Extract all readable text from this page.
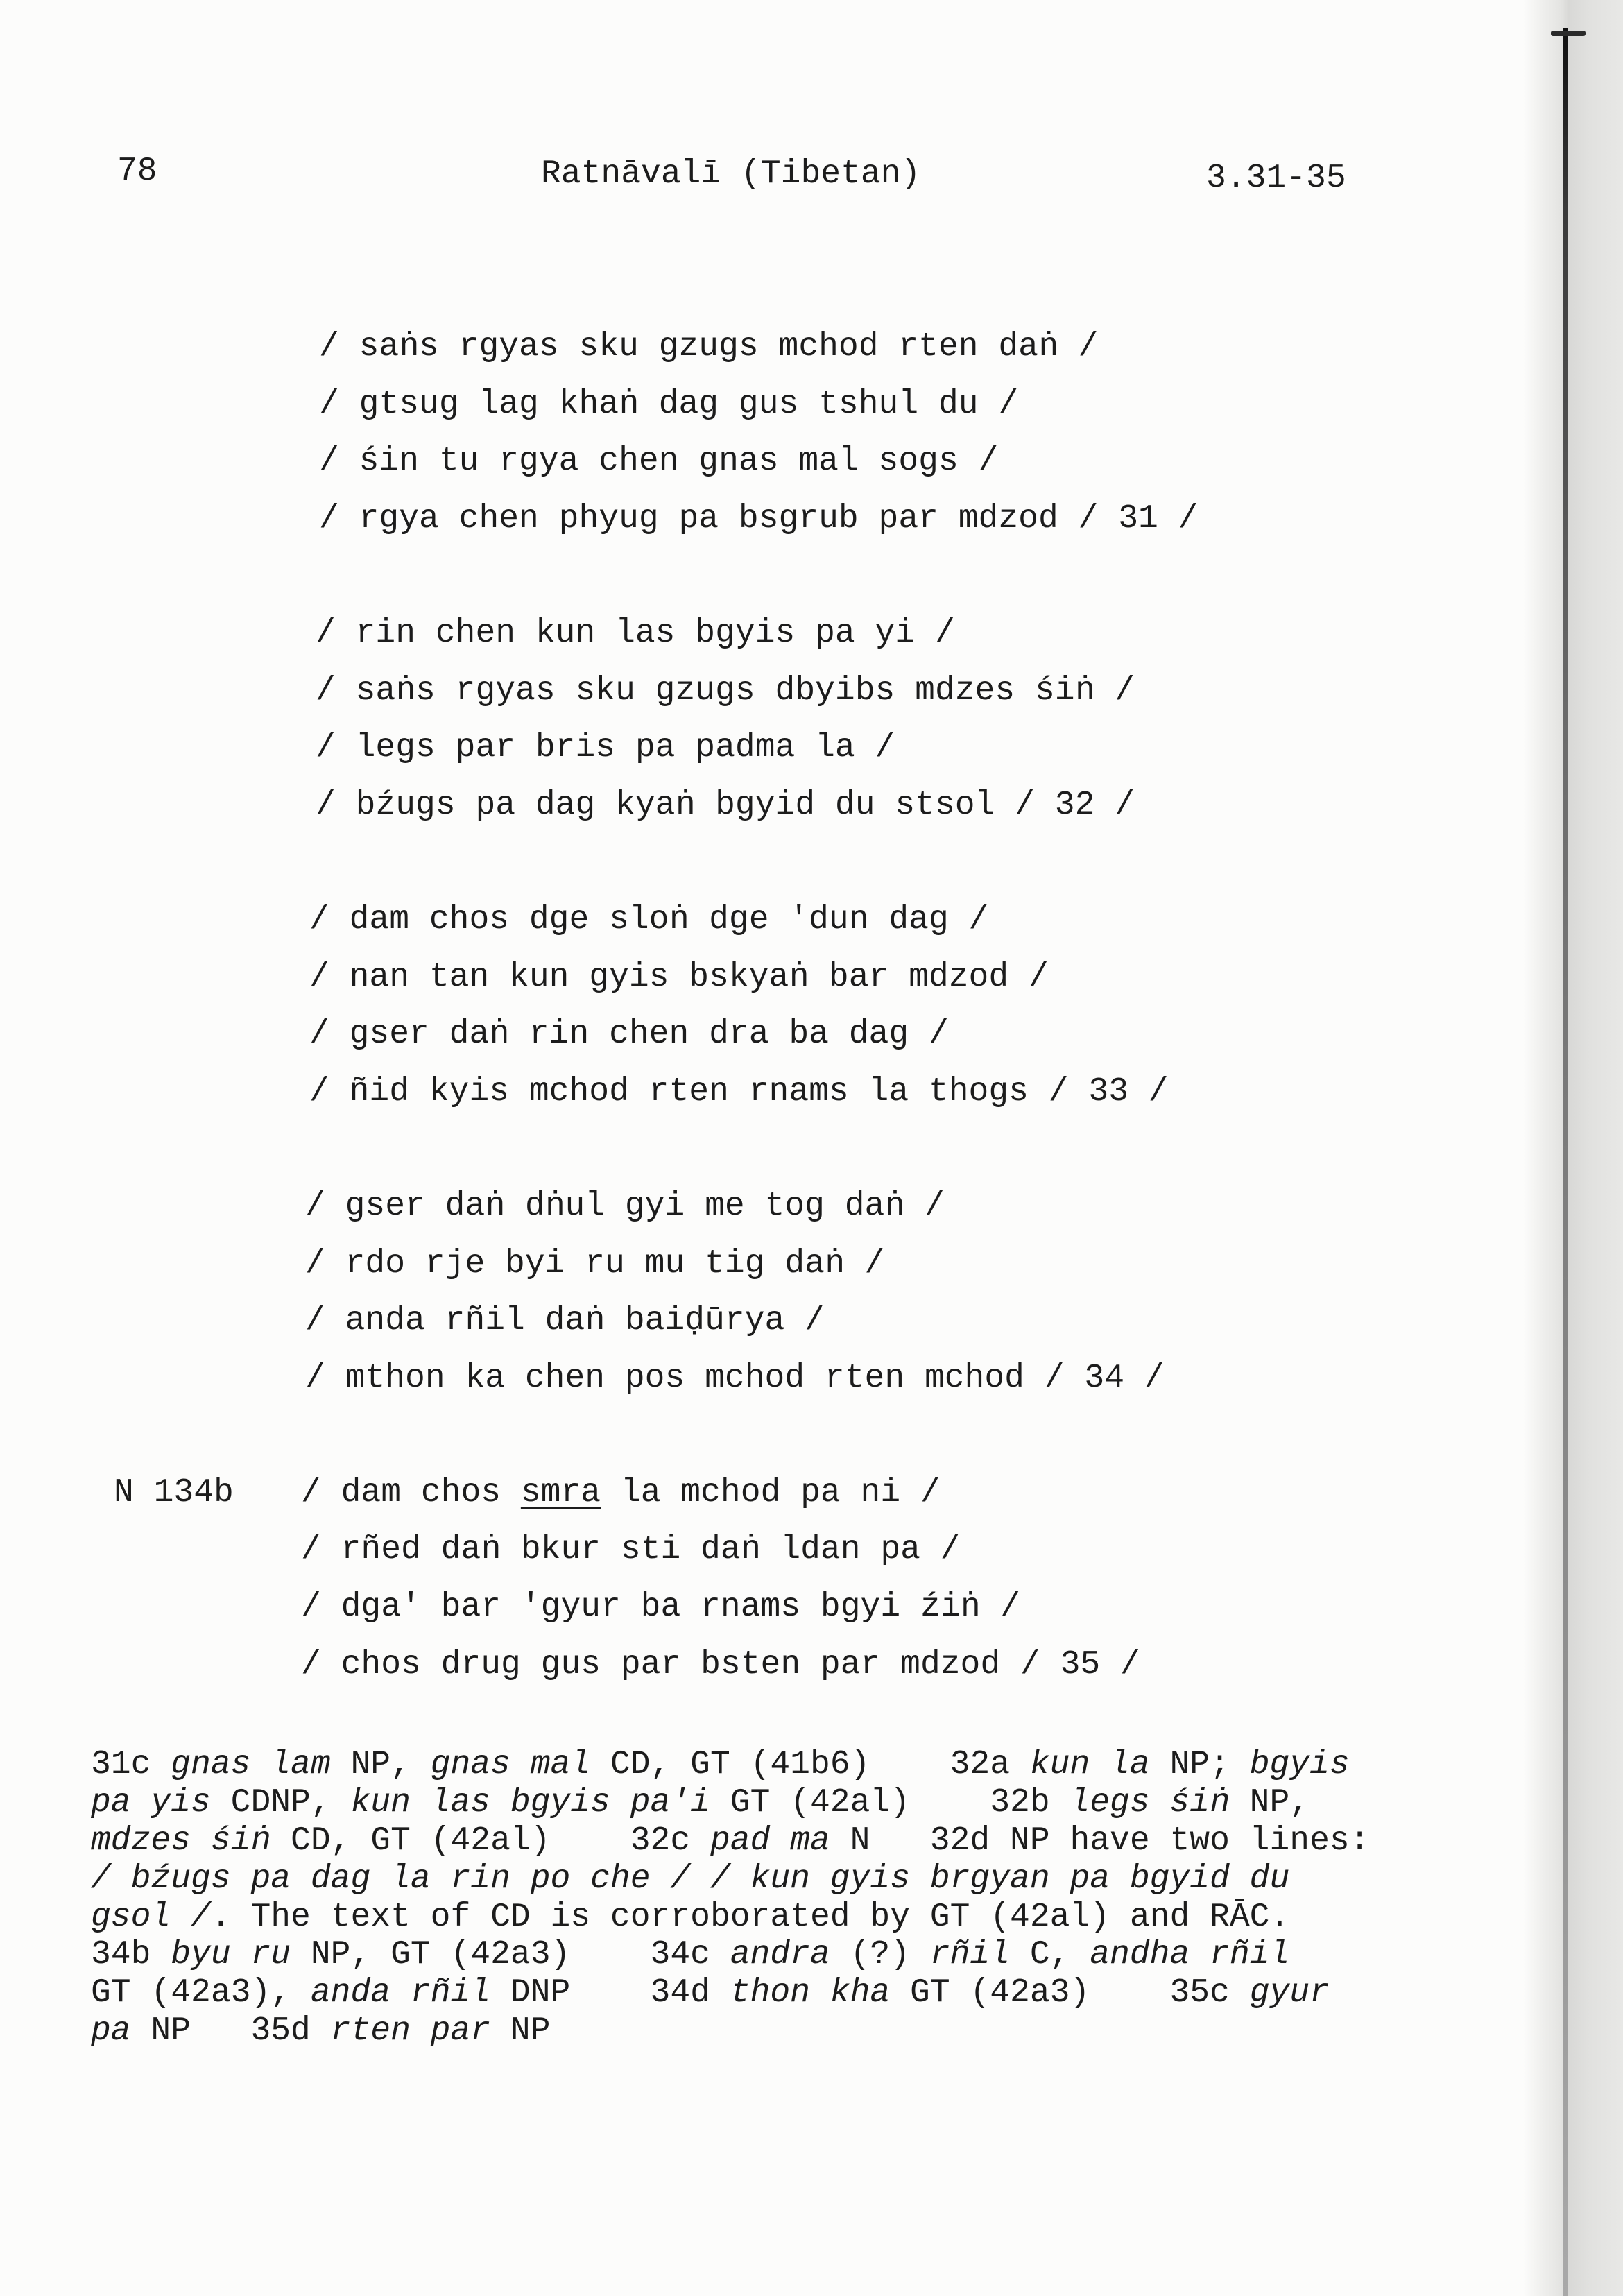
78	Ratnāvalī (Tibetan)	3.31-35
/ saṅs rgyas sku gzugs mchod rten daṅ /
/ gtsug lag khaṅ dag gus tshul du /
/ śin tu rgya chen gnas mal sogs /
/ rgya chen phyug pa bsgrub par mdzod / 31 /
/ rin chen kun las bgyis pa yi /
/ saṅs rgyas sku gzugs dbyibs mdzes śiṅ /
/ legs par bris pa padma la /
/ bźugs pa dag kyaṅ bgyid du stsol / 32 /
/ dam chos dge sloṅ dge 'dun dag /
/ nan tan kun gyis bskyaṅ bar mdzod /
/ gser daṅ rin chen dra ba dag /
/ ñid kyis mchod rten rnams la thogs / 33 /
/ gser daṅ dṅul gyi me tog daṅ /
/ rdo rje byi ru mu tig daṅ /
/ anda rñil daṅ baiḍūrya /
/ mthon ka chen pos mchod rten mchod / 34 /
/ dam chos smra la mchod pa ni /
/ rñed daṅ bkur sti daṅ ldan pa /
/ dga' bar 'gyur ba rnams bgyi źiṅ /
/ chos drug gus par bsten par mdzod / 35 /
N 134b
31c gnas lam NP, gnas mal CD, GT (41b6)    32a kun la NP; bgyis
pa yis CDNP, kun las bgyis pa'i GT (42al)    32b legs śiṅ NP,
mdzes śiṅ CD, GT (42al)    32c pad ma N   32d NP have two lines:
/ bźugs pa dag la rin po che / / kun gyis brgyan pa bgyid du
gsol /. The text of CD is corroborated by GT (42al) and RĀC.
34b byu ru NP, GT (42a3)    34c andra (?) rñil C, andha rñil
GT (42a3), anda rñil DNP    34d thon kha GT (42a3)    35c gyur
pa NP   35d rten par NP
